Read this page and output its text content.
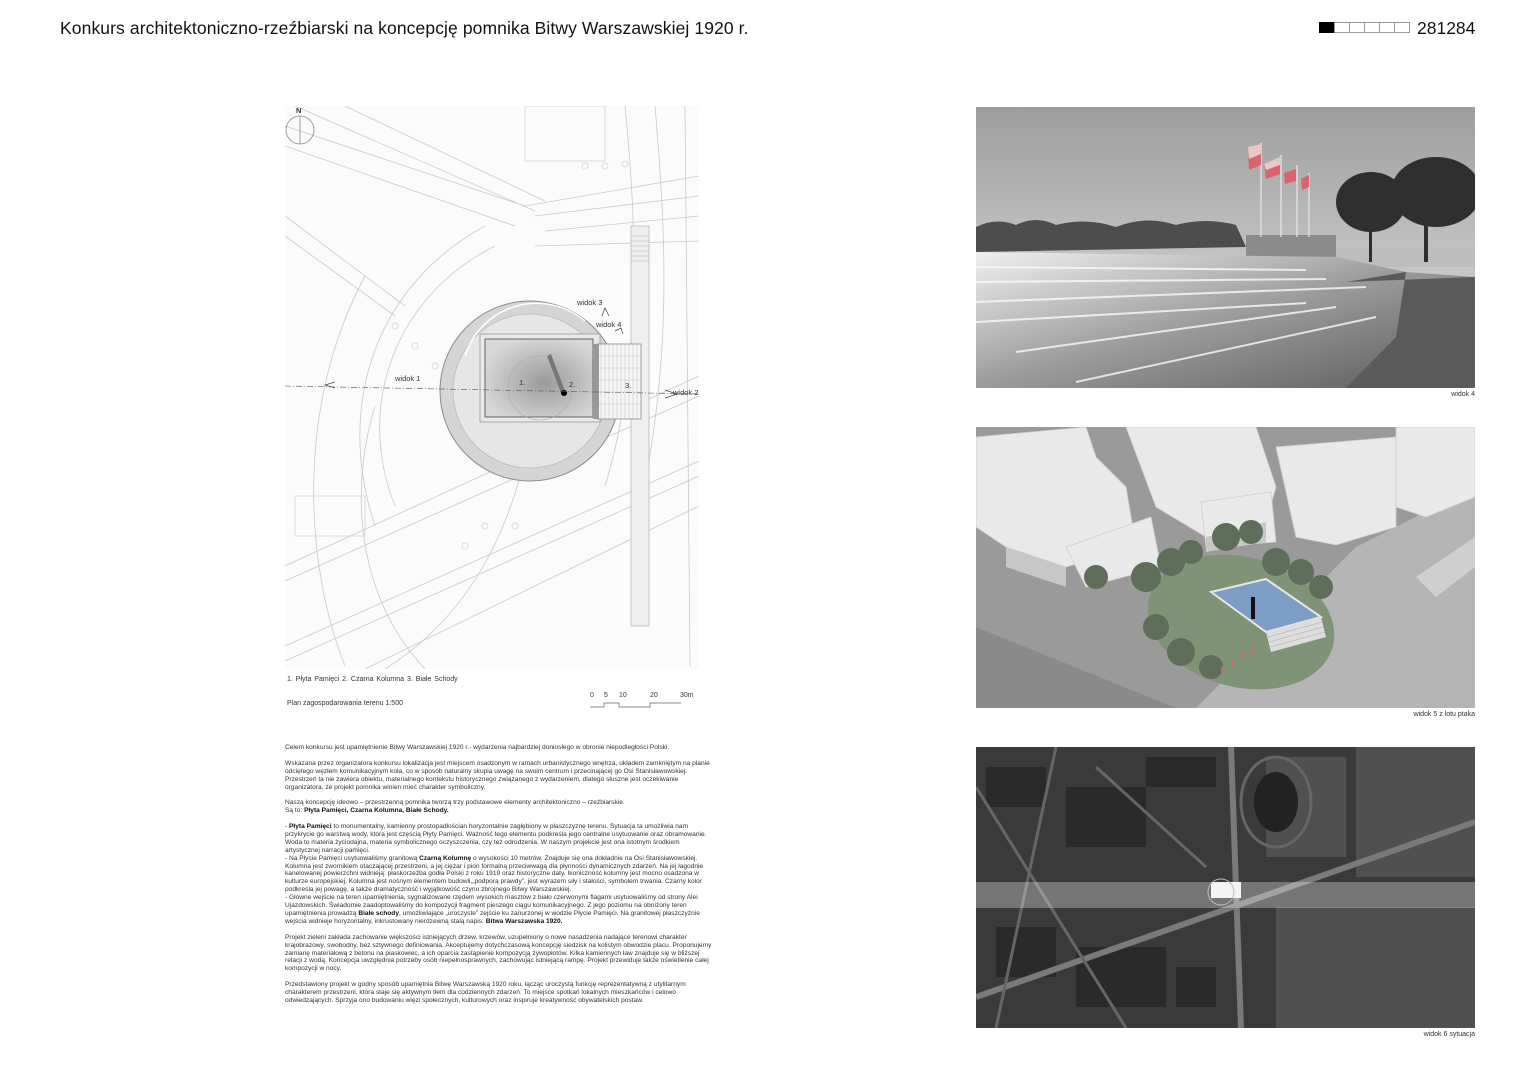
Konkurs architektoniczno-rzeźbiarski na koncepcję pomnika Bitwy Warszawskiej 1920 r.	281284
N
widok 1
widok 2
widok 3
widok 4
1.	2.	3.
1. Płyta Pamięci 2. Czarna Kolumna 3. Białe Schody
Plan zagospodarowania terenu 1:500
0 5 10	20	30m

Celem konkursu jest upamiętnienie Bitwy Warszawskiej 1920 r.- wydarzenia najbardziej doniosłego w obronie niepodległości Polski.

Wskazana przez organizatora konkursu lokalizacja jest miejscem osadzonym w ramach urbanistycznego wnętrza, układem zamkniętym na planie odciętego węzłem komunikacyjnym koła, co w sposób naturalny skupia uwagę na swoim centrum i przecinającej go Osi Stanisławowskiej. Przestrzeń ta nie zawiera obiektu, materialnego kontekstu historycznego związanego z wydarzeniem, dlatego słuszne jest oczekiwanie organizatora, że projekt pomnika winien mieć charakter symboliczny.

Naszą koncepcję ideowo – przestrzenną pomnika tworzą trzy podstawowe elementy architektoniczno – rzeźbiarskie.
Są to: Płyta Pamięci, Czarna Kolumna, Białe Schody.

- Płyta Pamięci to monumentalny, kamienny prostopadłościan horyzontalnie zagłębiony w płaszczyznę terenu. Sytuacja ta umożliwia nam przykrycie go warstwą wody, która jest częścią Płyty Pamięci. Ważność tego elementu podkreśla jego centralne usytuowanie oraz obramowanie. Woda to materia życiodajna, materia symbolicznego oczyszczenia, czy też odrodzenia. W naszym projekcie jest ona istotnym środkiem artystycznej narracji pamięci.
- Na Płycie Pamięci usytuowaliśmy granitową Czarną Kolumnę o wysokości 10 metrów. Znajduje się ona dokładnie na Osi Stanisławowskiej. Kolumna jest zwornikiem otaczającej przestrzeni, a jej ciężar i pion formalną przeciwwagą dla płynności dynamicznych zdarzeń. Na jej łagodnie kanelowanej powierzchni widnieją: płaskorzeźba godła Polski z roku 1919 oraz historyczne daty. Ikoniczność kolumny jest mocno osadzona w kulturze europejskiej. Kolumna jest nośnym elementem budowli,„podporą prawdy”, jest wyrazem siły i stałości, symbolem trwania. Czarny kolor podkreśla jej powagę, a także dramatyczność i wyjątkowość czynu zbrojnego Bitwy Warszawskiej.
- Główne wejście na teren upamiętnienia, sygnalizowane rzędem wysokich masztów z biało czerwonymi flagami usytuowaliśmy od strony Alei Ujazdowskich. Świadomie zaadoptowaliśmy do kompozycji fragment pieszego ciągu komunikacyjnego. Z jego poziomu na obniżony teren upamiętnienia prowadzą Białe schody, umożliwiające „uroczyste” zejście ku zanurzonej w wodzie Płycie Pamięci. Na granitowej płaszczyźnie wejścia widnieje horyzontalny, inkrustowany nierdzewną stalą napis: Bitwa Warszawska 1920.

Projekt zieleni zakłada zachowanie większości istniejących drzew, krzewów, uzupełniony o nowe nasadzenia nadające terenowi charakter krajobrazowy, swobodny, bez sztywnego definiowania. Akceptujemy dotychczasową koncepcję siedzisk na kolistym obwodzie placu. Proponujemy zamianę materiałową z betonu na piaskowiec, a ich oparcia zastąpienie kompozycją żywopłotów. Kilka kamiennych ław znajduje się w bliższej relacji z wodą. Koncepcja uwzględnia potrzeby osób niepełnosprawnych, zachowując istniejącą rampę. Projekt przewiduje także oświetlenie całej kompozycji w nocy.

Przedstawiony projekt w godny sposób upamiętnia Bitwę Warszawską 1920 roku, łącząc uroczystą funkcję reprezentatywną z utylitarnym charakterem przestrzeni, która staje się aktywnym tłem dla codziennych zdarzeń. To miejsce spotkań lokalnych mieszkańców i celowo odwiedzających. Sprzyja ono budowaniu więzi społecznych, kulturowych oraz inspiruje kreatywność obywatelskich postaw.

widok 4
widok 5 z lotu ptaka
widok 6 sytuacja
